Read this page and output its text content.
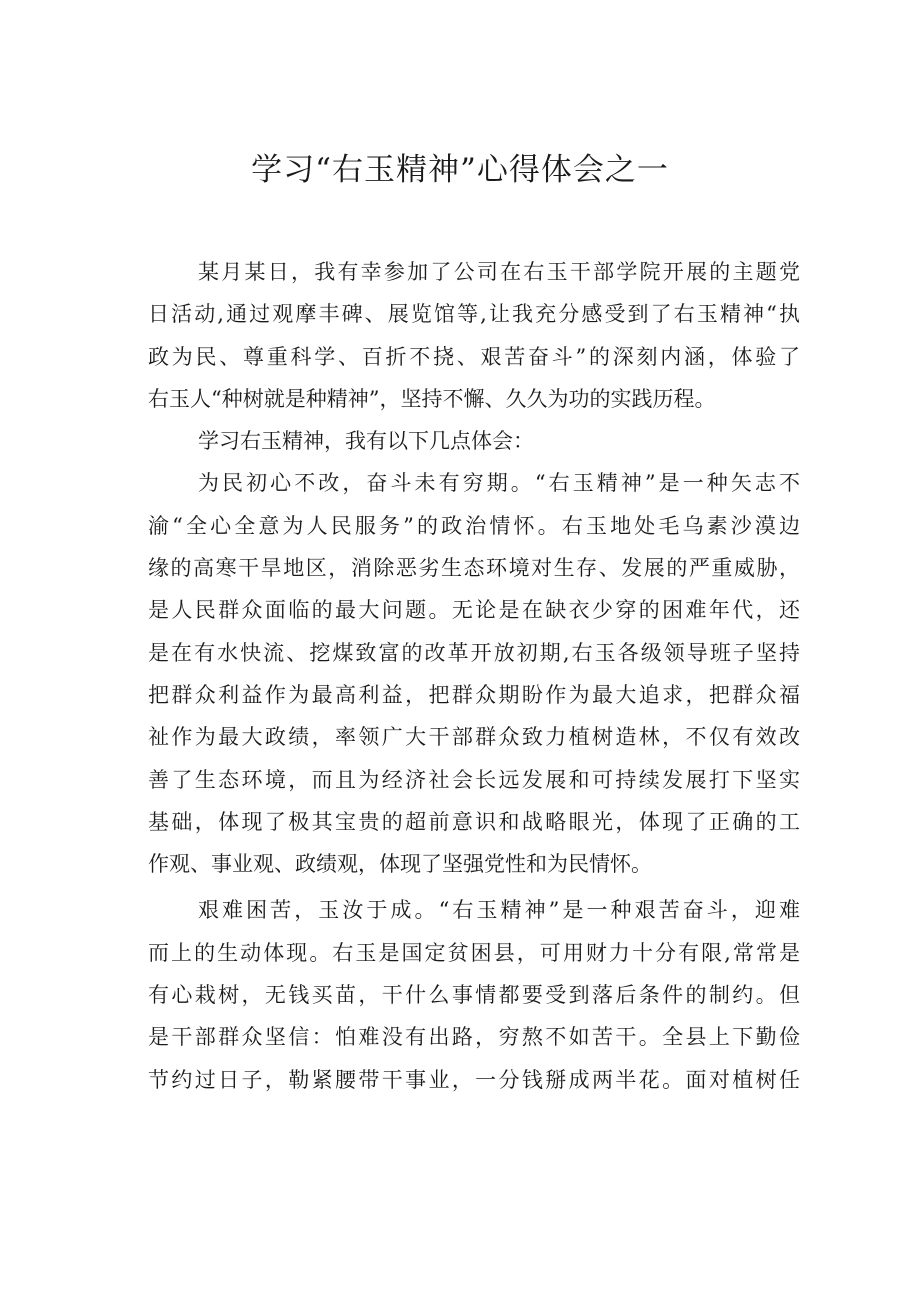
学习“右玉精神”心得体会之一
某月某日，我有幸参加了公司在右玉干部学院开展的主题党
日活动,通过观摩丰碑、展览馆等,让我充分感受到了右玉精神“执
政为民、尊重科学、百折不挠、艰苦奋斗”的深刻内涵，体验了
右玉人“种树就是种精神”，坚持不懈、久久为功的实践历程。
学习右玉精神，我有以下几点体会：
为民初心不改，奋斗未有穷期。“右玉精神”是一种矢志不
渝“全心全意为人民服务”的政治情怀。右玉地处毛乌素沙漠边
缘的高寒干旱地区，消除恶劣生态环境对生存、发展的严重威胁，
是人民群众面临的最大问题。无论是在缺衣少穿的困难年代，还
是在有水快流、挖煤致富的改革开放初期,右玉各级领导班子坚持
把群众利益作为最高利益，把群众期盼作为最大追求，把群众福
祉作为最大政绩，率领广大干部群众致力植树造林，不仅有效改
善了生态环境，而且为经济社会长远发展和可持续发展打下坚实
基础，体现了极其宝贵的超前意识和战略眼光，体现了正确的工
作观、事业观、政绩观，体现了坚强党性和为民情怀。
艰难困苦，玉汝于成。“右玉精神”是一种艰苦奋斗，迎难
而上的生动体现。右玉是国定贫困县，可用财力十分有限,常常是
有心栽树，无钱买苗，干什么事情都要受到落后条件的制约。但
是干部群众坚信：怕难没有出路，穷熬不如苦干。全县上下勤俭
节约过日子，勒紧腰带干事业，一分钱掰成两半花。面对植树任
